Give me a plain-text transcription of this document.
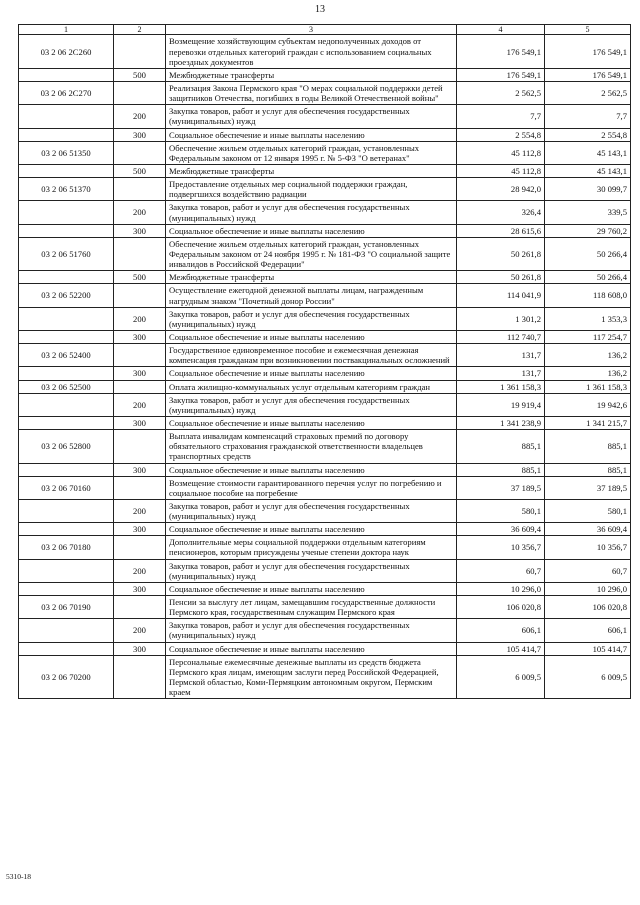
13
1	2	3	4	5
03 2 06 2С260		Возмещение хозяйствующим субъектам недополученных доходов от перевозки отдельных категорий граждан с использованием социальных проездных документов	176 549,1	176 549,1
	500	Межбюджетные трансферты	176 549,1	176 549,1
03 2 06 2С270		Реализация Закона Пермского края "О мерах социальной поддержки детей защитников Отечества, погибших в годы Великой Отечественной войны"	2 562,5	2 562,5
	200	Закупка товаров, работ и услуг для обеспечения государственных (муниципальных) нужд	7,7	7,7
	300	Социальное обеспечение и иные выплаты населению	2 554,8	2 554,8
03 2 06 51350		Обеспечение жильем отдельных категорий граждан, установленных Федеральным законом от 12 января 1995 г. № 5-ФЗ "О ветеранах"	45 112,8	45 143,1
	500	Межбюджетные трансферты	45 112,8	45 143,1
03 2 06 51370		Предоставление отдельных мер социальной поддержки граждан, подвергшихся воздействию радиации	28 942,0	30 099,7
	200	Закупка товаров, работ и услуг для обеспечения государственных (муниципальных) нужд	326,4	339,5
	300	Социальное обеспечение и иные выплаты населению	28 615,6	29 760,2
03 2 06 51760		Обеспечение жильем отдельных категорий граждан, установленных Федеральным законом от 24 ноября 1995 г. № 181-ФЗ "О социальной защите инвалидов в Российской Федерации"	50 261,8	50 266,4
	500	Межбюджетные трансферты	50 261,8	50 266,4
03 2 06 52200		Осуществление ежегодной денежной выплаты лицам, награжденным нагрудным знаком "Почетный донор России"	114 041,9	118 608,0
	200	Закупка товаров, работ и услуг для обеспечения государственных (муниципальных) нужд	1 301,2	1 353,3
	300	Социальное обеспечение и иные выплаты населению	112 740,7	117 254,7
03 2 06 52400		Государственное единовременное пособие и ежемесячная денежная компенсация гражданам при возникновении поствакцинальных осложнений	131,7	136,2
	300	Социальное обеспечение и иные выплаты населению	131,7	136,2
03 2 06 52500		Оплата жилищно-коммунальных услуг отдельным категориям граждан	1 361 158,3	1 361 158,3
	200	Закупка товаров, работ и услуг для обеспечения государственных (муниципальных) нужд	19 919,4	19 942,6
	300	Социальное обеспечение и иные выплаты населению	1 341 238,9	1 341 215,7
03 2 06 52800		Выплата инвалидам компенсаций страховых премий по договору обязательного страхования гражданской ответственности владельцев транспортных средств	885,1	885,1
	300	Социальное обеспечение и иные выплаты населению	885,1	885,1
03 2 06 70160		Возмещение стоимости гарантированного перечня услуг по погребению и социальное пособие на погребение	37 189,5	37 189,5
	200	Закупка товаров, работ и услуг для обеспечения государственных (муниципальных) нужд	580,1	580,1
	300	Социальное обеспечение и иные выплаты населению	36 609,4	36 609,4
03 2 06 70180		Дополнительные меры социальной поддержки отдельным категориям пенсионеров, которым присуждены ученые степени доктора наук	10 356,7	10 356,7
	200	Закупка товаров, работ и услуг для обеспечения государственных (муниципальных) нужд	60,7	60,7
	300	Социальное обеспечение и иные выплаты населению	10 296,0	10 296,0
03 2 06 70190		Пенсии за выслугу лет лицам, замещавшим государственные должности Пермского края, государственным служащим Пермского края	106 020,8	106 020,8
	200	Закупка товаров, работ и услуг для обеспечения государственных (муниципальных) нужд	606,1	606,1
	300	Социальное обеспечение и иные выплаты населению	105 414,7	105 414,7
03 2 06 70200		Персональные ежемесячные денежные выплаты из средств бюджета Пермского края лицам, имеющим заслуги перед Российской Федерацией, Пермской областью, Коми-Пермяцким автономным округом, Пермским краем	6 009,5	6 009,5
5310-18
